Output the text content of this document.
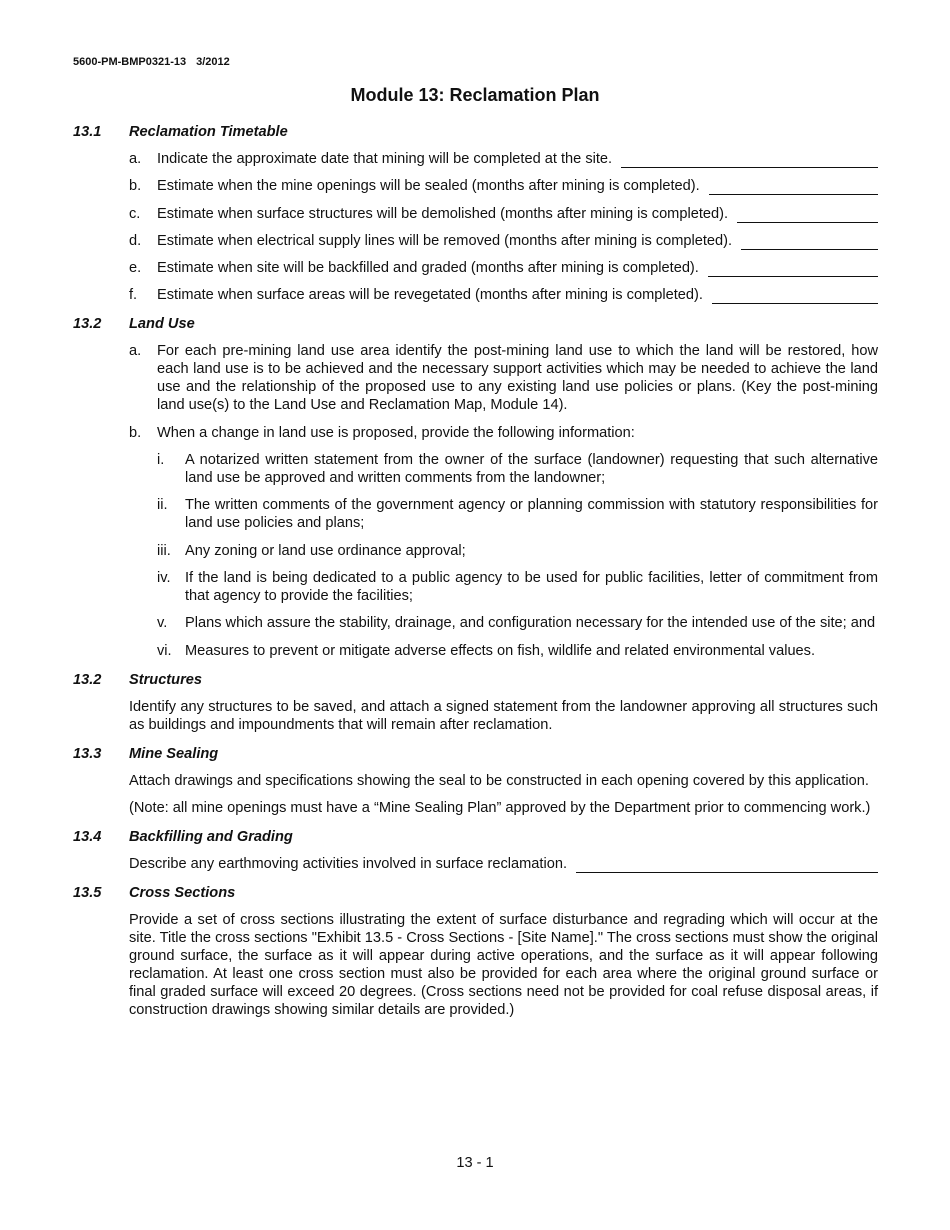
5600-PM-BMP0321-13 3/2012
Module 13: Reclamation Plan
13.1	Reclamation Timetable
a.	Indicate the approximate date that mining will be completed at the site.
b.	Estimate when the mine openings will be sealed (months after mining is completed).
c.	Estimate when surface structures will be demolished (months after mining is completed).
d.	Estimate when electrical supply lines will be removed (months after mining is completed).
e.	Estimate when site will be backfilled and graded (months after mining is completed).
f.	Estimate when surface areas will be revegetated (months after mining is completed).
13.2	Land Use
a.	For each pre-mining land use area identify the post-mining land use to which the land will be restored, how each land use is to be achieved and the necessary support activities which may be needed to achieve the land use and the relationship of the proposed use to any existing land use policies or plans. (Key the post-mining land use(s) to the Land Use and Reclamation Map, Module 14).
b.	When a change in land use is proposed, provide the following information:
i.	A notarized written statement from the owner of the surface (landowner) requesting that such alternative land use be approved and written comments from the landowner;
ii.	The written comments of the government agency or planning commission with statutory responsibilities for land use policies and plans;
iii. Any zoning or land use ordinance approval;
iv. If the land is being dedicated to a public agency to be used for public facilities, letter of commitment from that agency to provide the facilities;
v.	Plans which assure the stability, drainage, and configuration necessary for the intended use of the site; and
vi. Measures to prevent or mitigate adverse effects on fish, wildlife and related environmental values.
13.2	Structures
Identify any structures to be saved, and attach a signed statement from the landowner approving all structures such as buildings and impoundments that will remain after reclamation.
13.3	Mine Sealing
Attach drawings and specifications showing the seal to be constructed in each opening covered by this application.
(Note: all mine openings must have a “Mine Sealing Plan” approved by the Department prior to commencing work.)
13.4	Backfilling and Grading
Describe any earthmoving activities involved in surface reclamation.
13.5	Cross Sections
Provide a set of cross sections illustrating the extent of surface disturbance and regrading which will occur at the site. Title the cross sections "Exhibit 13.5 - Cross Sections - [Site Name]." The cross sections must show the original ground surface, the surface as it will appear during active operations, and the surface as it will appear following reclamation. At least one cross section must also be provided for each area where the original ground surface or final graded surface will exceed 20 degrees. (Cross sections need not be provided for coal refuse disposal areas, if construction drawings showing similar details are provided.)
13 - 1
